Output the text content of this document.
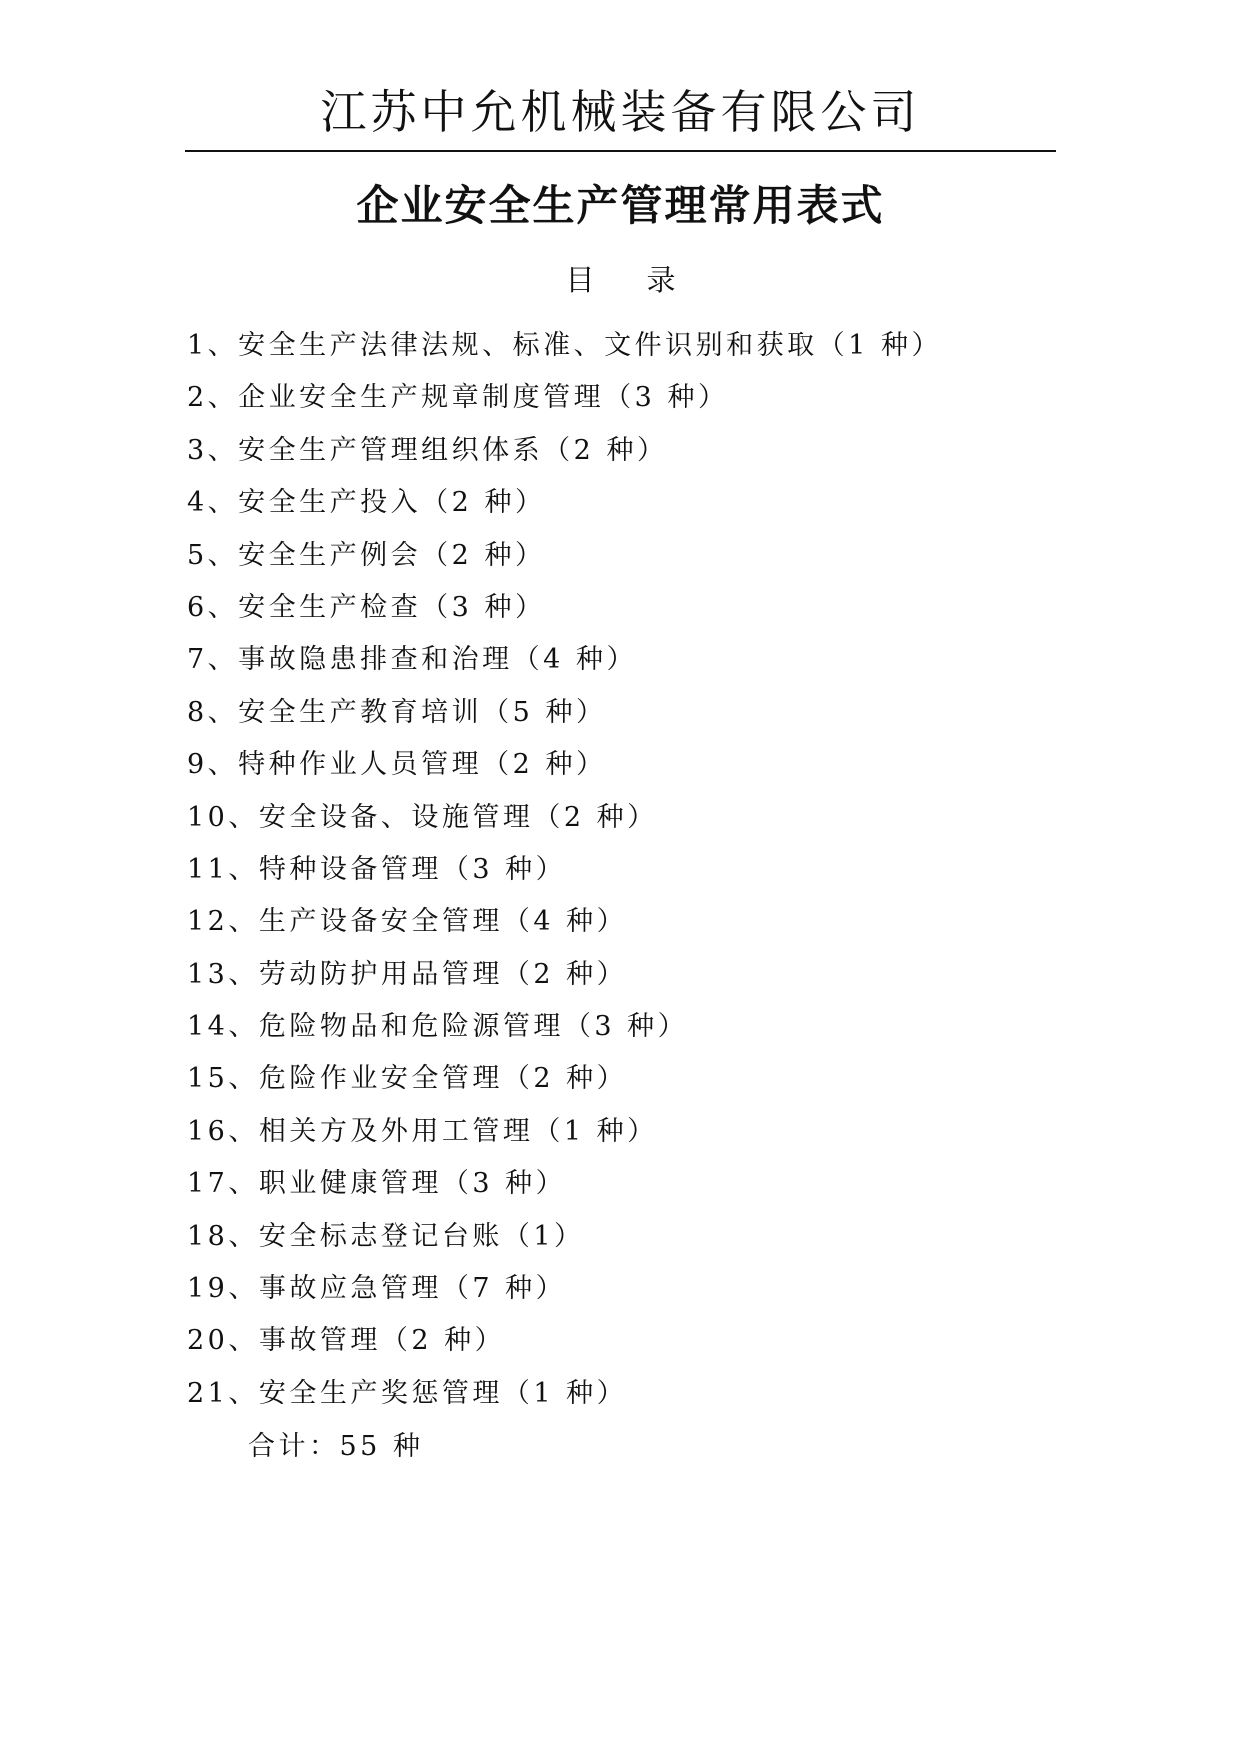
江苏中允机械装备有限公司
企业安全生产管理常用表式
目 录
1、安全生产法律法规、标准、文件识别和获取（1 种）
2、企业安全生产规章制度管理（3 种）
3、安全生产管理组织体系（2 种）
4、安全生产投入（2 种）
5、安全生产例会（2 种）
6、安全生产检查（3 种）
7、事故隐患排查和治理（4 种）
8、安全生产教育培训（5 种）
9、特种作业人员管理（2 种）
10、安全设备、设施管理（2 种）
11、特种设备管理（3 种）
12、生产设备安全管理（4 种）
13、劳动防护用品管理（2 种）
14、危险物品和危险源管理（3 种）
15、危险作业安全管理（2 种）
16、相关方及外用工管理（1 种）
17、职业健康管理（3 种）
18、安全标志登记台账（1）
19、事故应急管理（7 种）
20、事故管理（2 种）
21、安全生产奖惩管理（1 种）
合计：55 种
